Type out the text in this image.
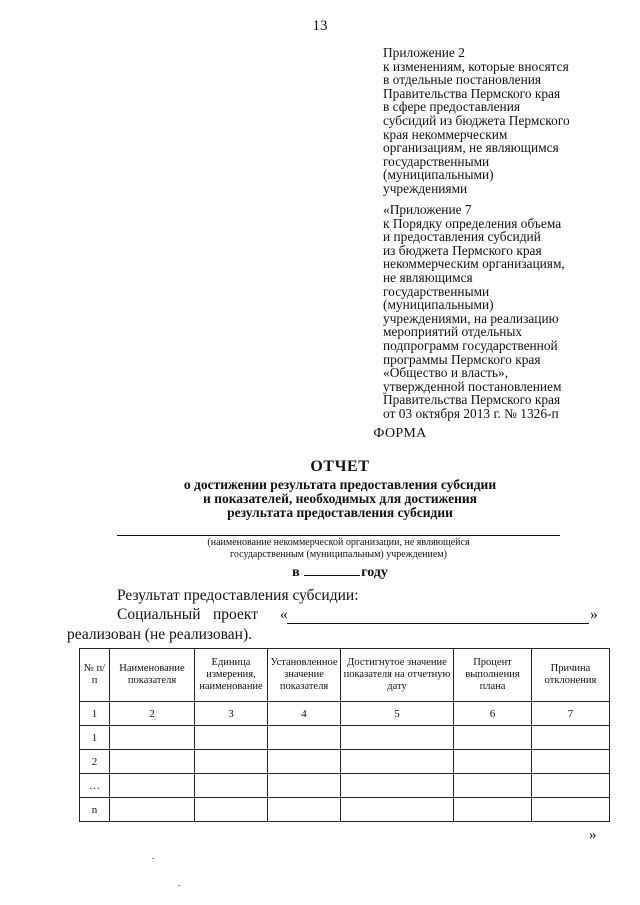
13
Приложение 2
к изменениям, которые вносятся
в отдельные постановления
Правительства Пермского края
в сфере предоставления
субсидий из бюджета Пермского
края некоммерческим
организациям, не являющимся
государственными
(муниципальными)
учреждениями
«Приложение 7
к Порядку определения объема
и предоставления субсидий
из бюджета Пермского края
некоммерческим организациям,
не являющимся
государственными
(муниципальными)
учреждениями, на реализацию
мероприятий отдельных
подпрограмм государственной
программы Пермского края
«Общество и власть»,
утвержденной постановлением
Правительства Пермского края
от 03 октября 2013 г. № 1326-п
ФОРМА
ОТЧЕТ
о достижении результата предоставления субсидии
и показателей, необходимых для достижения
результата предоставления субсидии
(наименование некоммерческой организации, не являющейся
государственным (муниципальным) учреждением)
в	году
Результат предоставления субсидии:
Социальный проект «	»
реализован (не реализован).
№ п/п	Наименование показателя	Единица измерения, наименование	Установленное значение показателя	Достигнутое значение показателя на отчетную дату	Процент выполнения плана	Причина отклонения
1	2	3	4	5	6	7
1						
2						
…						
n						
»
